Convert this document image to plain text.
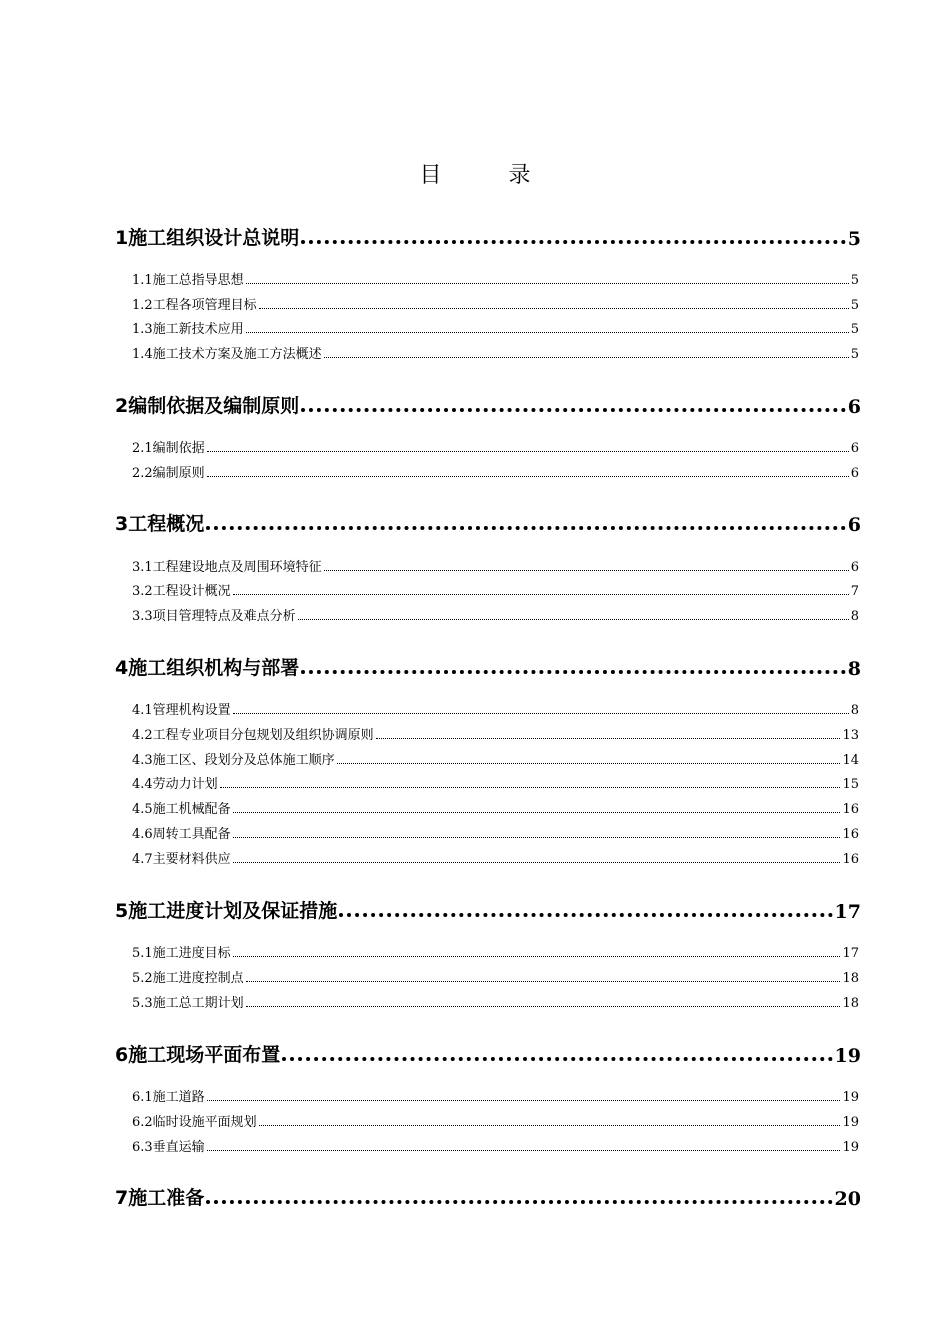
目 录
1施工组织设计总说明	5
1.1施工总指导思想	5
1.2工程各项管理目标	5
1.3施工新技术应用	5
1.4施工技术方案及施工方法概述	5
2编制依据及编制原则	6
2.1编制依据	6
2.2编制原则	6
3工程概况	6
3.1工程建设地点及周围环境特征	6
3.2工程设计概况	7
3.3项目管理特点及难点分析	8
4施工组织机构与部署	8
4.1管理机构设置	8
4.2工程专业项目分包规划及组织协调原则	13
4.3施工区、段划分及总体施工顺序	14
4.4劳动力计划	15
4.5施工机械配备	16
4.6周转工具配备	16
4.7主要材料供应	16
5施工进度计划及保证措施	17
5.1施工进度目标	17
5.2施工进度控制点	18
5.3施工总工期计划	18
6施工现场平面布置	19
6.1施工道路	19
6.2临时设施平面规划	19
6.3垂直运输	19
7施工准备	20
